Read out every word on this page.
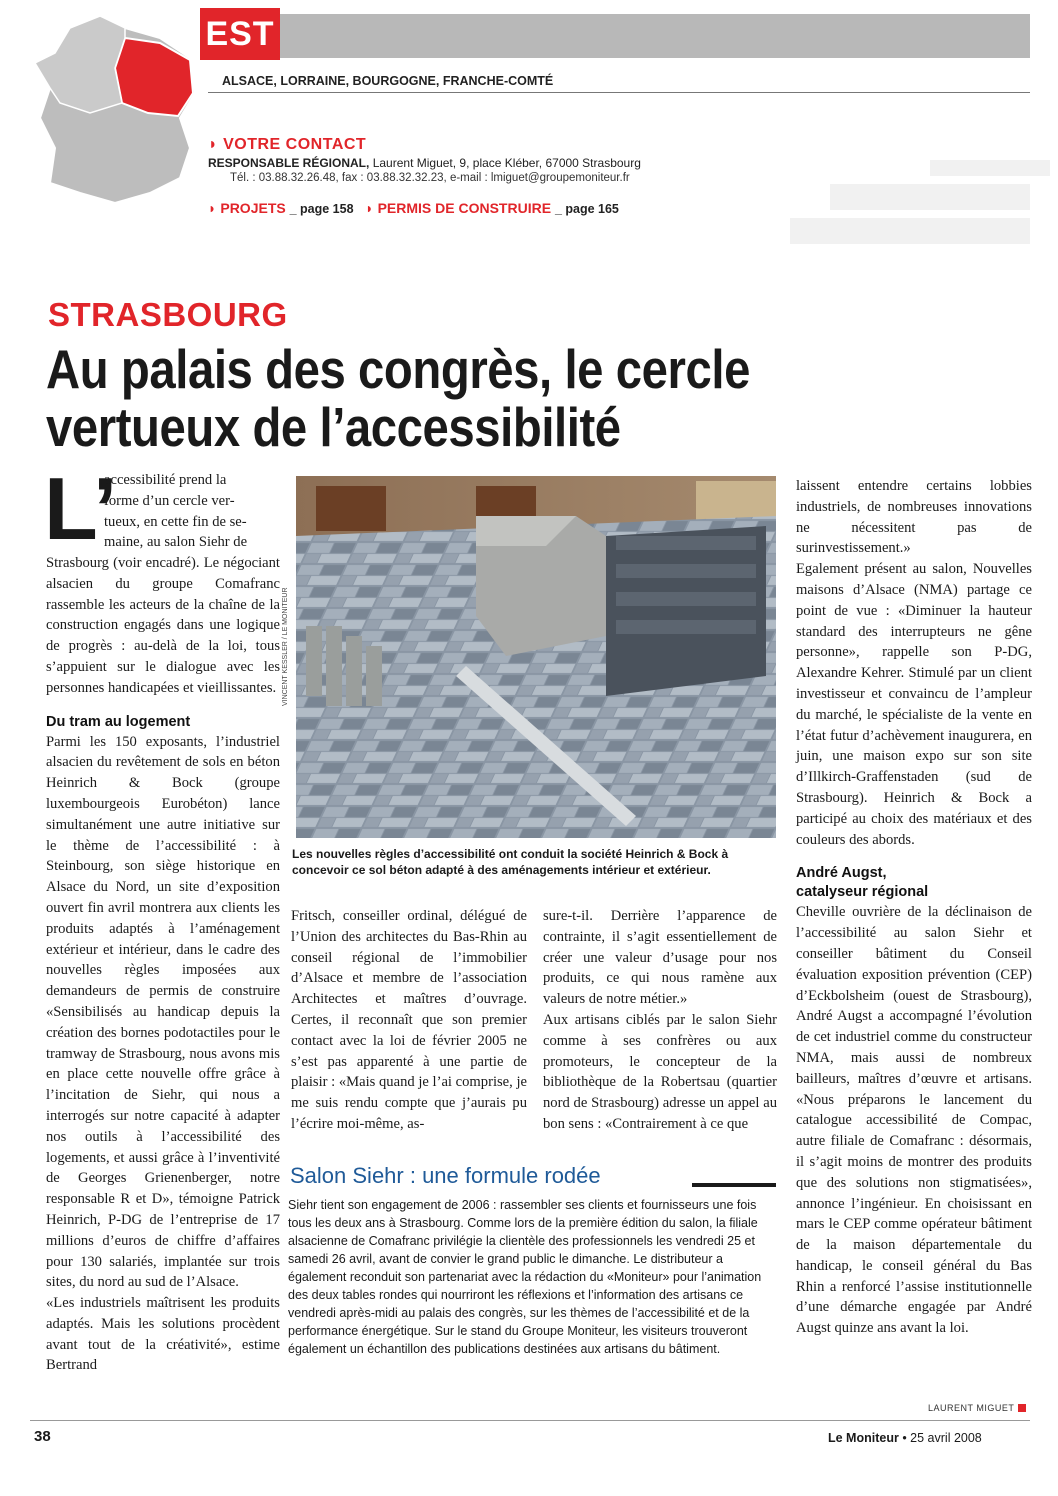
EST
ALSACE, LORRAINE, BOURGOGNE, FRANCHE-COMTÉ
◗ VOTRE CONTACT
RESPONSABLE RÉGIONAL, Laurent Miguet, 9, place Kléber, 67000 Strasbourg
Tél. : 03.88.32.26.48, fax : 03.88.32.32.23, e-mail : lmiguet@groupemoniteur.fr
◗ PROJETS _ page 158 ◗ PERMIS DE CONSTRUIRE _ page 165
STRASBOURG
Au palais des congrès, le cercle vertueux de l’accessibilité
L’
accessibilité prend la
forme d’un cercle ver-
tueux, en cette fin de se-
maine, au salon Siehr de

Strasbourg (voir encadré). Le négociant alsacien du groupe Comafranc rassemble les acteurs de la chaîne de la construction engagés dans une logique de progrès : au-delà de la loi, tous s’appuient sur le dialogue avec les personnes handicapées et vieillissantes.

Du tram au logement

Parmi les 150 exposants, l’industriel alsacien du revêtement de sols en béton Heinrich & Bock (groupe luxembourgeois Eurobéton) lance simultanément une autre initiative sur le thème de l’accessibilité : à Steinbourg, son siège historique en Alsace du Nord, un site d’exposition ouvert fin avril montrera aux clients les produits adaptés à l’aménagement extérieur et intérieur, dans le cadre des nouvelles règles imposées aux demandeurs de permis de construire «Sensibilisés au handicap depuis la création des bornes podotactiles pour le tramway de Strasbourg, nous avons mis en place cette nouvelle offre grâce à l’incitation de Siehr, qui nous a interrogés sur notre capacité à adapter nos outils à l’accessibilité des logements, et aussi grâce à l’inventivité de Georges Grienenberger, notre responsable R et D», témoigne Patrick Heinrich, P-DG de l’entreprise de 17 millions d’euros de chiffre d’affaires pour 130 salariés, implantée sur trois sites, du nord au sud de l’Alsace.

«Les industriels maîtrisent les produits adaptés. Mais les solutions procèdent avant tout de la créativité», estime Bertrand

VINCENT KESSLER / LE MONITEUR
Les nouvelles règles d’accessibilité ont conduit la société Heinrich & Bock à concevoir ce sol béton adapté à des aménagements intérieur et extérieur.

Fritsch, conseiller ordinal, délégué de l’Union des architectes du Bas-Rhin au conseil régional de l’immobilier d’Alsace et membre de l’association Architectes et maîtres d’ouvrage. Certes, il reconnaît que son premier contact avec la loi de février 2005 ne s’est pas apparenté à une partie de plaisir : «Mais quand je l’ai comprise, je me suis rendu compte que j’aurais pu l’écrire moi-même, as-

sure-t-il. Derrière l’apparence de contrainte, il s’agit essentiellement de créer une valeur d’usage pour nos produits, ce qui nous ramène aux valeurs de notre métier.»

Aux artisans ciblés par le salon Siehr comme à ses confrères ou aux promoteurs, le concepteur de la bibliothèque de la Robertsau (quartier nord de Strasbourg) adresse un appel au bon sens : «Contrairement à ce que

laissent entendre certains lobbies industriels, de nombreuses innovations ne nécessitent pas de surinvestissement.»

Egalement présent au salon, Nouvelles maisons d’Alsace (NMA) partage ce point de vue : «Diminuer la hauteur standard des interrupteurs ne gêne personne», rappelle son P-DG, Alexandre Kehrer. Stimulé par un client investisseur et convaincu de l’ampleur du marché, le spécialiste de la vente en l’état futur d’achèvement inaugurera, en juin, une maison expo sur son site d’Illkirch-Graffenstaden (sud de Strasbourg). Heinrich & Bock a participé au choix des matériaux et des couleurs des abords.

André Augst,
catalyseur régional

Cheville ouvrière de la déclinaison de l’accessibilité au salon Siehr et conseiller bâtiment du Conseil évaluation exposition prévention (CEP) d’Eckbolsheim (ouest de Strasbourg), André Augst a accompagné l’évolution de cet industriel comme du constructeur NMA, mais aussi de nombreux bailleurs, maîtres d’œuvre et artisans. «Nous préparons le lancement du catalogue accessibilité de Compac, autre filiale de Comafranc : désormais, il s’agit moins de montrer des produits que des solutions non stigmatisées», annonce l’ingénieur. En choisissant en mars le CEP comme opérateur bâtiment de la maison départementale du handicap, le conseil général du Bas Rhin a renforcé l’assise institutionnelle d’une démarche engagée par André Augst quinze ans avant la loi.

LAURENT MIGUET
Salon Siehr : une formule rodée
Siehr tient son engagement de 2006 : rassembler ses clients et fournisseurs une fois tous les deux ans à Strasbourg. Comme lors de la première édition du salon, la filiale alsacienne de Comafranc privilégie la clientèle des professionnels les vendredi 25 et samedi 26 avril, avant de convier le grand public le dimanche. Le distributeur a également reconduit son partenariat avec la rédaction du «Moniteur» pour l’animation des deux tables rondes qui nourriront les réflexions et l’information des artisans ce vendredi après-midi au palais des congrès, sur les thèmes de l’accessibilité et de la performance énergétique. Sur le stand du Groupe Moniteur, les visiteurs trouveront également un échantillon des publications destinées aux artisans du bâtiment.
38	Le Moniteur • 25 avril 2008
